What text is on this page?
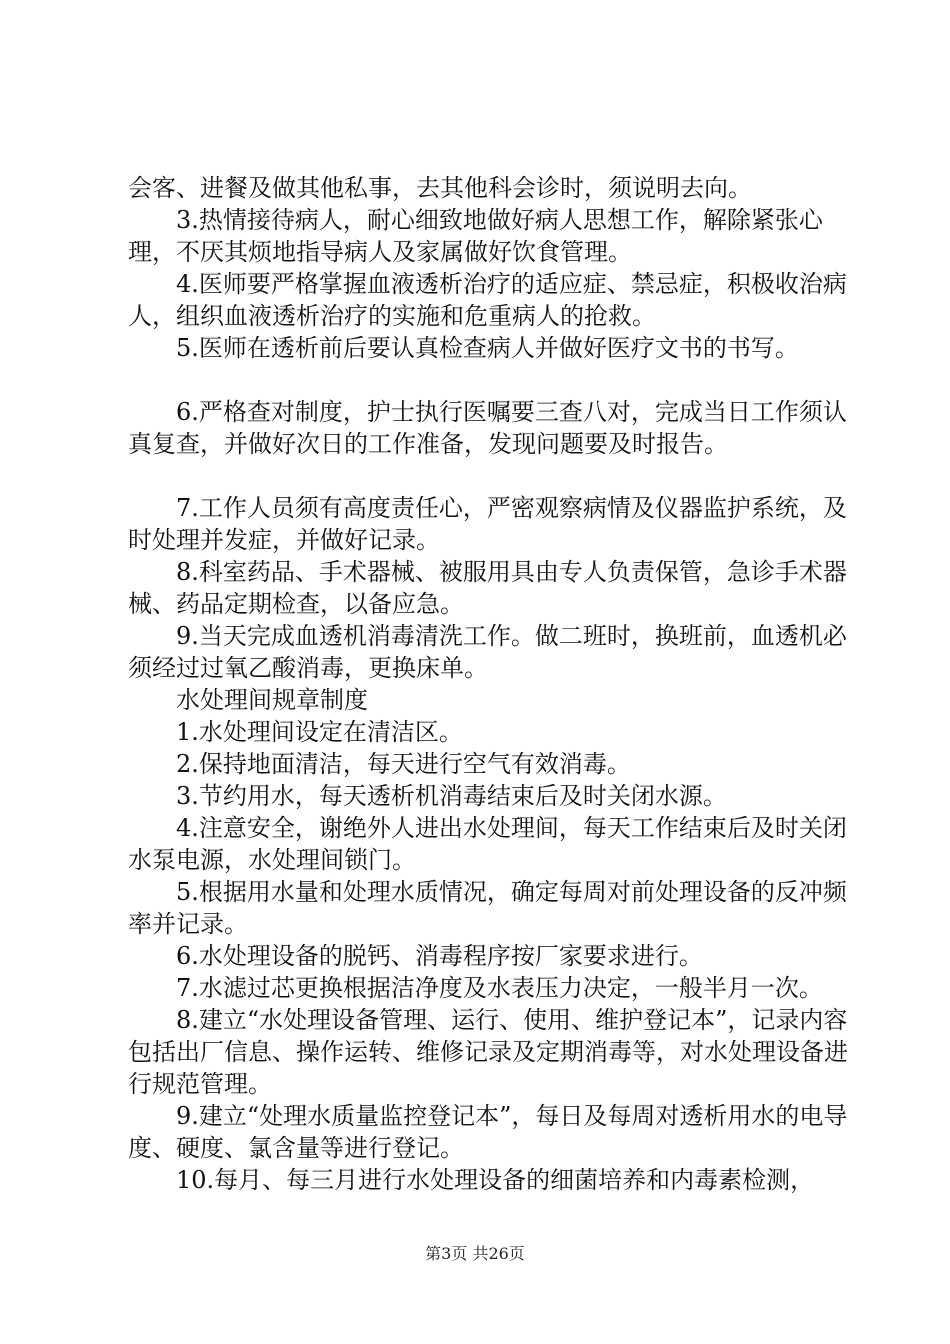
会客、进餐及做其他私事，去其他科会诊时，须说明去向。

3.热情接待病人，耐心细致地做好病人思想工作，解除紧张心理，不厌其烦地指导病人及家属做好饮食管理。

4.医师要严格掌握血液透析治疗的适应症、禁忌症，积极收治病人，组织血液透析治疗的实施和危重病人的抢救。

5.医师在透析前后要认真检查病人并做好医疗文书的书写。

6.严格查对制度，护士执行医嘱要三查八对，完成当日工作须认真复查，并做好次日的工作准备，发现问题要及时报告。

7.工作人员须有高度责任心，严密观察病情及仪器监护系统，及时处理并发症，并做好记录。

8.科室药品、手术器械、被服用具由专人负责保管，急诊手术器械、药品定期检查，以备应急。

9.当天完成血透机消毒清洗工作。做二班时，换班前，血透机必须经过过氧乙酸消毒，更换床单。

水处理间规章制度

1.水处理间设定在清洁区。

2.保持地面清洁，每天进行空气有效消毒。

3.节约用水，每天透析机消毒结束后及时关闭水源。

4.注意安全，谢绝外人进出水处理间，每天工作结束后及时关闭水泵电源，水处理间锁门。

5.根据用水量和处理水质情况，确定每周对前处理设备的反冲频率并记录。

6.水处理设备的脱钙、消毒程序按厂家要求进行。

7.水滤过芯更换根据洁净度及水表压力决定，一般半月一次。

8.建立“水处理设备管理、运行、使用、维护登记本”，记录内容包括出厂信息、操作运转、维修记录及定期消毒等，对水处理设备进行规范管理。

9.建立“处理水质量监控登记本”，每日及每周对透析用水的电导度、硬度、氯含量等进行登记。

10.每月、每三月进行水处理设备的细菌培养和内毒素检测，

第3页 共26页
